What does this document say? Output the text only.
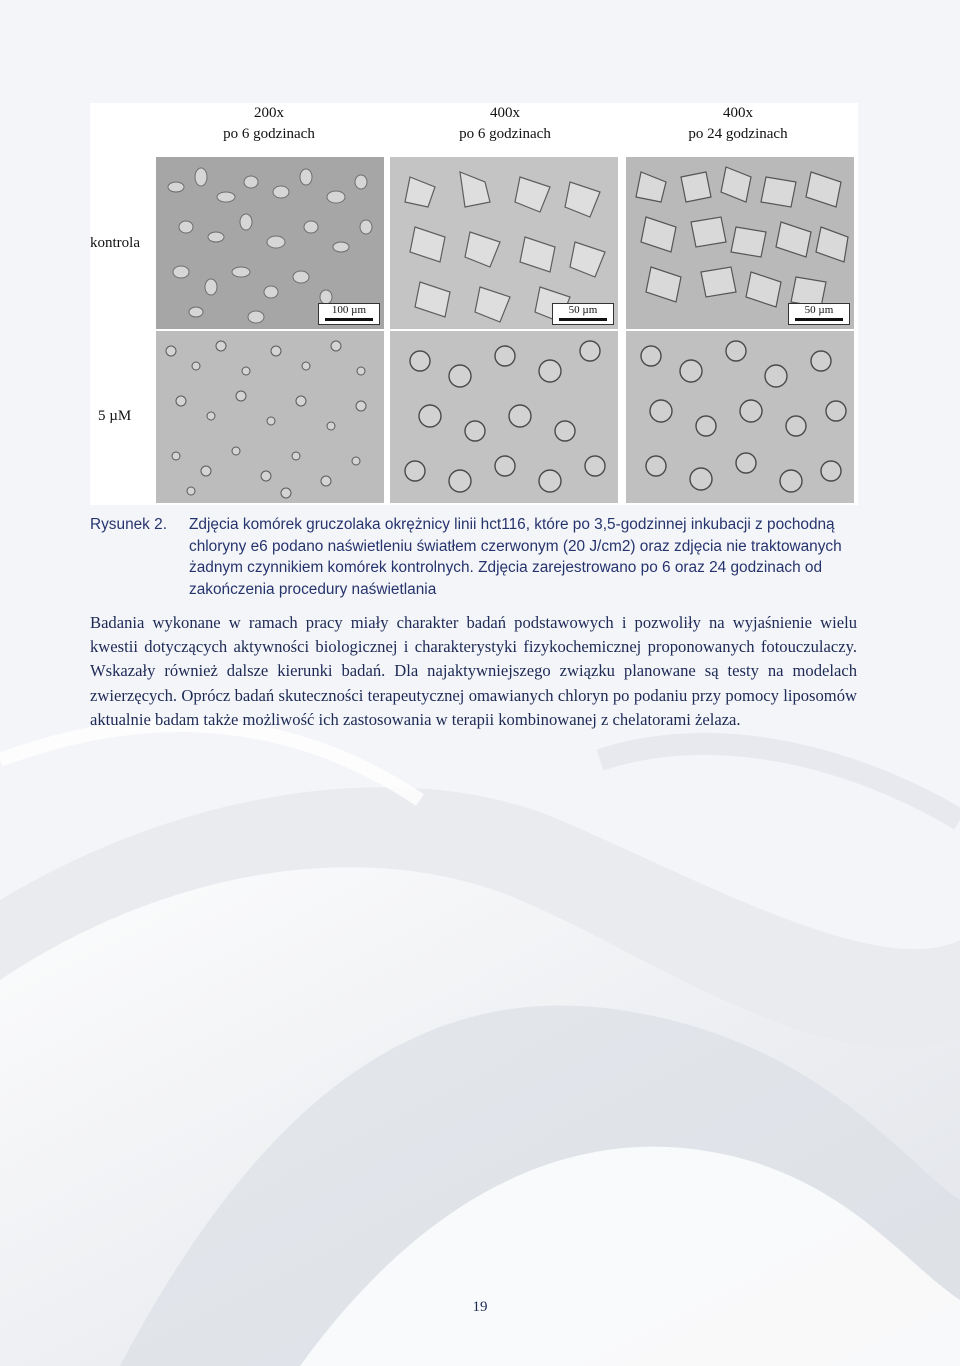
200x
po 6 godzinach
400x
po 6 godzinach
400x
po 24 godzinach
kontrola
5 µM
100 µm	50 µm	50 µm
Rysunek 2. Zdjęcia komórek gruczolaka okrężnicy linii hct116, które po 3,5-godzinnej inkubacji z pochodną chloryny e6 podano naświetleniu światłem czerwonym (20 J/cm2) oraz zdjęcia nie traktowanych żadnym czynnikiem komórek kontrolnych. Zdjęcia zarejestrowano po 6 oraz 24 godzinach od zakończenia procedury naświetlania
Badania wykonane w ramach pracy miały charakter badań podstawowych i pozwoliły na wyjaśnienie wielu kwestii dotyczących aktywności biologicznej i charakterystyki fizykochemicznej proponowanych fotouczulaczy. Wskazały również dalsze kierunki badań. Dla najaktywniejszego związku planowane są testy na modelach zwierzęcych. Oprócz badań skuteczności terapeutycznej omawianych chloryn po podaniu przy pomocy liposomów aktualnie badam także możliwość ich zastosowania w terapii kombinowanej z chelatorami żelaza.
19
